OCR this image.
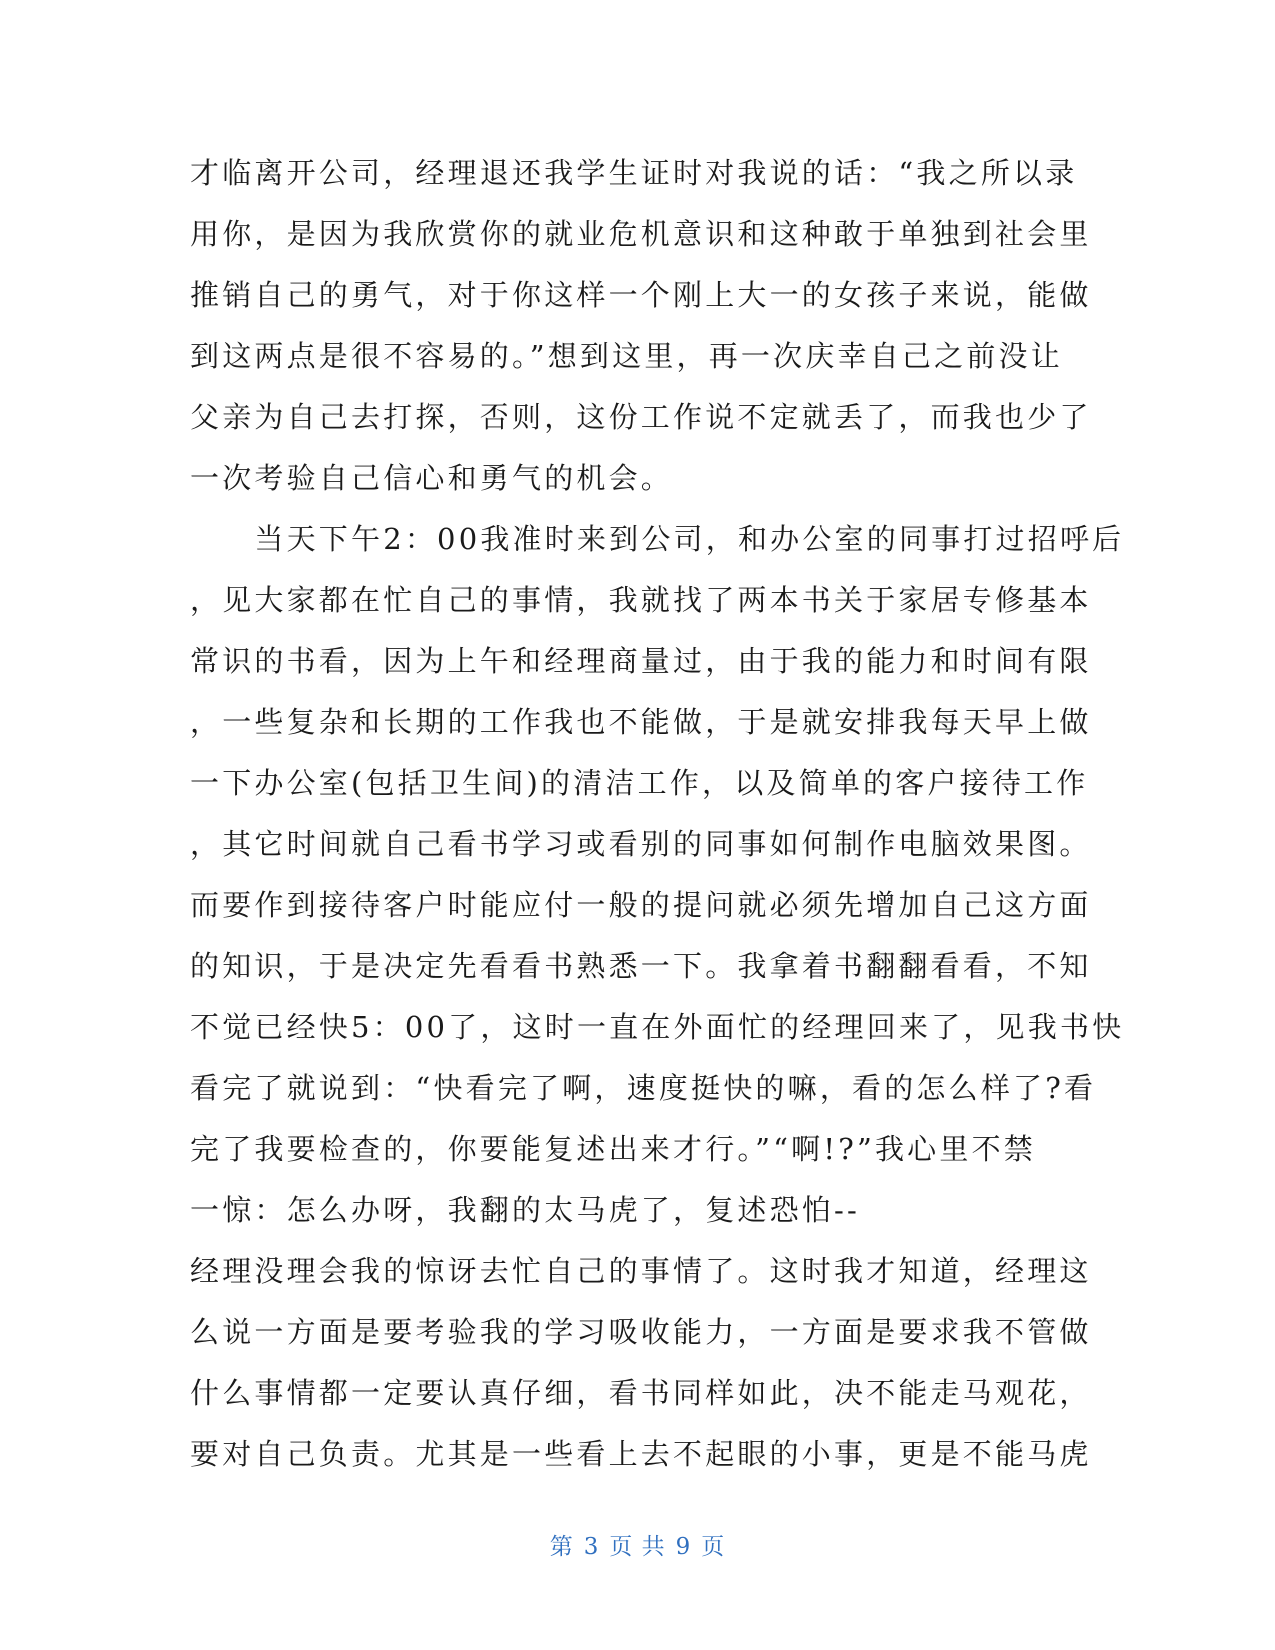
才临离开公司，经理退还我学生证时对我说的话：“我之所以录
用你，是因为我欣赏你的就业危机意识和这种敢于单独到社会里
推销自己的勇气，对于你这样一个刚上大一的女孩子来说，能做
到这两点是很不容易的。”想到这里，再一次庆幸自己之前没让
父亲为自己去打探，否则，这份工作说不定就丢了，而我也少了
一次考验自己信心和勇气的机会。
　　当天下午2：00我准时来到公司，和办公室的同事打过招呼后
，见大家都在忙自己的事情，我就找了两本书关于家居专修基本
常识的书看，因为上午和经理商量过，由于我的能力和时间有限
，一些复杂和长期的工作我也不能做，于是就安排我每天早上做
一下办公室(包括卫生间)的清洁工作，以及简单的客户接待工作
，其它时间就自己看书学习或看别的同事如何制作电脑效果图。
而要作到接待客户时能应付一般的提问就必须先增加自己这方面
的知识，于是决定先看看书熟悉一下。我拿着书翻翻看看，不知
不觉已经快5：00了，这时一直在外面忙的经理回来了，见我书快
看完了就说到：“快看完了啊，速度挺快的嘛，看的怎么样了?看
完了我要检查的，你要能复述出来才行。”“啊!?”我心里不禁
一惊：怎么办呀，我翻的太马虎了，复述恐怕--
经理没理会我的惊讶去忙自己的事情了。这时我才知道，经理这
么说一方面是要考验我的学习吸收能力，一方面是要求我不管做
什么事情都一定要认真仔细，看书同样如此，决不能走马观花，
要对自己负责。尤其是一些看上去不起眼的小事，更是不能马虎
第 3 页 共 9 页
